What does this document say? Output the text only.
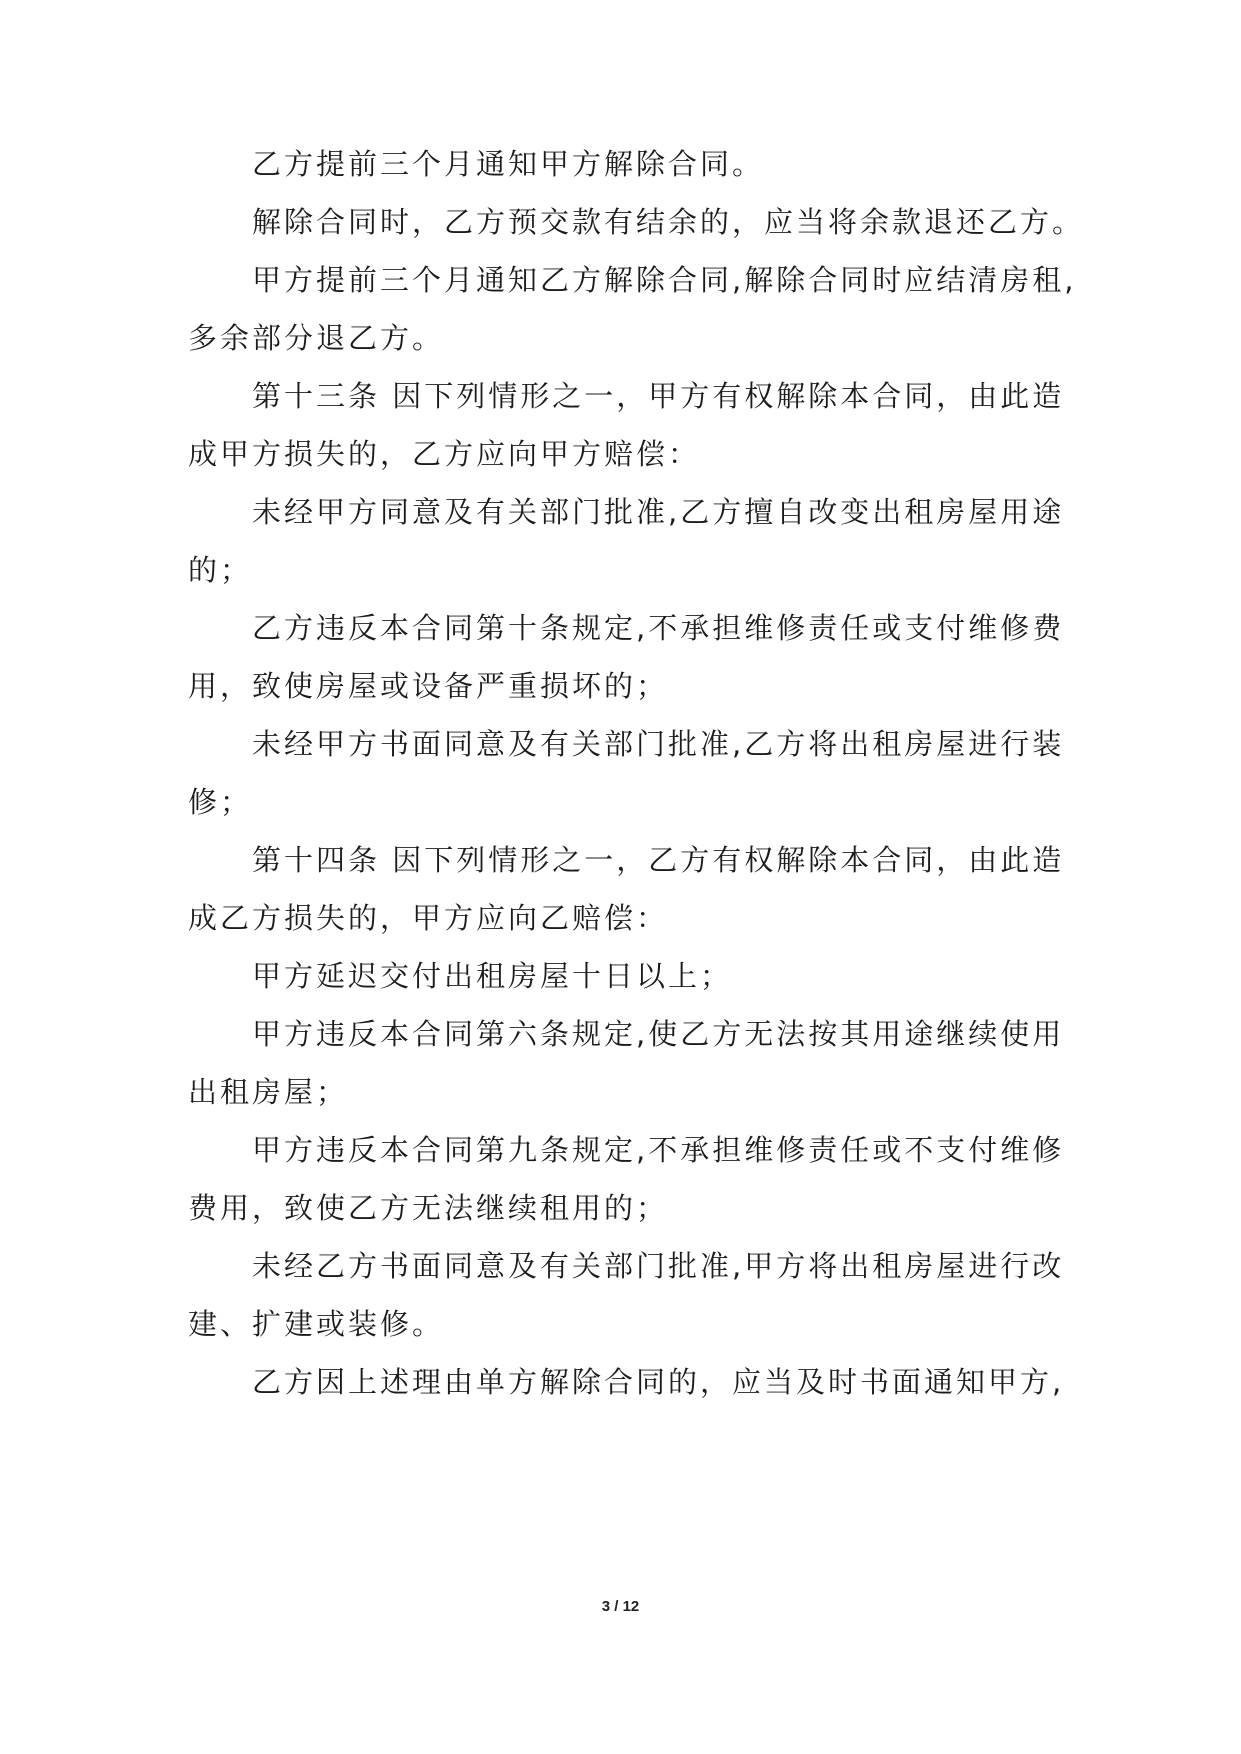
乙方提前三个月通知甲方解除合同。
解除合同时，乙方预交款有结余的，应当将余款退还乙方。
甲方提前三个月通知乙方解除合同,解除合同时应结清房租,
多余部分退乙方。
第十三条 因下列情形之一，甲方有权解除本合同，由此造
成甲方损失的，乙方应向甲方赔偿：
未经甲方同意及有关部门批准,乙方擅自改变出租房屋用途
的；
乙方违反本合同第十条规定,不承担维修责任或支付维修费
用，致使房屋或设备严重损坏的；
未经甲方书面同意及有关部门批准,乙方将出租房屋进行装
修；
第十四条 因下列情形之一，乙方有权解除本合同，由此造
成乙方损失的，甲方应向乙赔偿：
甲方延迟交付出租房屋十日以上；
甲方违反本合同第六条规定,使乙方无法按其用途继续使用
出租房屋；
甲方违反本合同第九条规定,不承担维修责任或不支付维修
费用，致使乙方无法继续租用的；
未经乙方书面同意及有关部门批准,甲方将出租房屋进行改
建、扩建或装修。
乙方因上述理由单方解除合同的，应当及时书面通知甲方,
3 / 12
